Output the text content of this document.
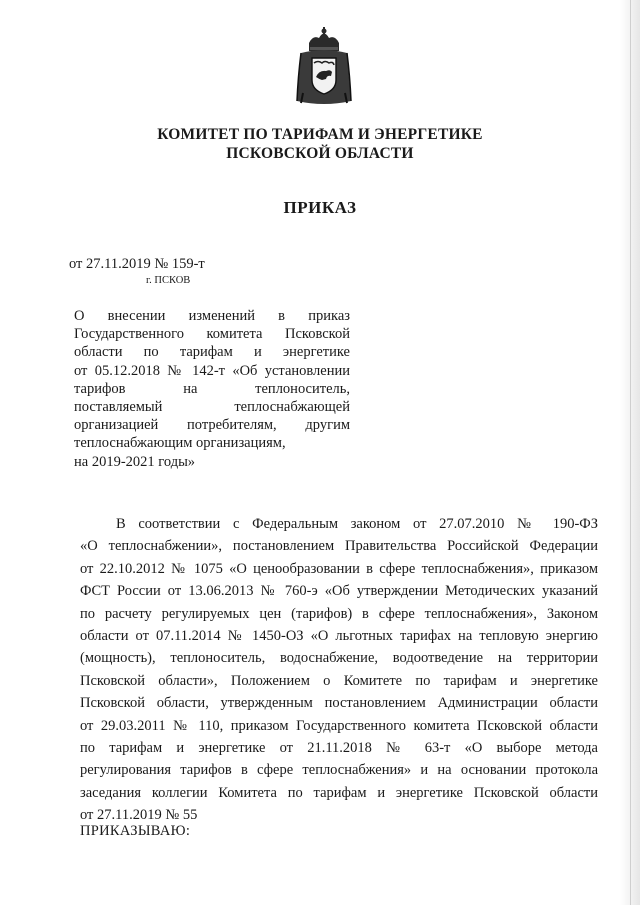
КОМИТЕТ ПО ТАРИФАМ И ЭНЕРГЕТИКЕ
ПСКОВСКОЙ ОБЛАСТИ
ПРИКАЗ
от 27.11.2019 № 159-т
г. ПСКОВ
О внесении изменений в приказ
Государственного комитета Псковской
области по тарифам и энергетике
от 05.12.2018 № 142-т «Об установлении
тарифов на теплоноситель,
поставляемый теплоснабжающей
организацией потребителям, другим
теплоснабжающим организациям,
на 2019-2021 годы»
В соответствии с Федеральным законом от 27.07.2010 № 190-ФЗ
«О теплоснабжении», постановлением Правительства Российской Федерации
от 22.10.2012 № 1075 «О ценообразовании в сфере теплоснабжения», приказом
ФСТ России от 13.06.2013 № 760-э «Об утверждении Методических указаний
по расчету регулируемых цен (тарифов) в сфере теплоснабжения», Законом
области от 07.11.2014 № 1450-ОЗ «О льготных тарифах на тепловую энергию
(мощность), теплоноситель, водоснабжение, водоотведение на территории
Псковской области», Положением о Комитете по тарифам и энергетике
Псковской области, утвержденным постановлением Администрации области
от 29.03.2011 № 110, приказом Государственного комитета Псковской области
по тарифам и энергетике от 21.11.2018 № 63-т «О выборе метода
регулирования тарифов в сфере теплоснабжения» и на основании протокола
заседания коллегии Комитета по тарифам и энергетике Псковской области
от 27.11.2019 № 55
ПРИКАЗЫВАЮ:
